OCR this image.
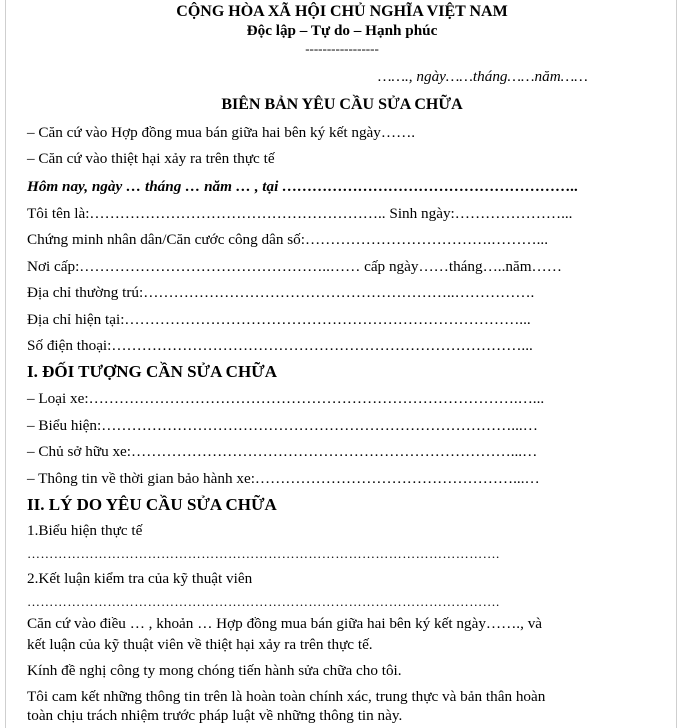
CỘNG HÒA XÃ HỘI CHỦ NGHĨA VIỆT NAM
Độc lập – Tự do – Hạnh phúc
-----------------
……., ngày……tháng……năm……
BIÊN BẢN YÊU CẦU SỬA CHỮA
– Căn cứ vào Hợp đồng mua bán giữa hai bên ký kết ngày…….
– Căn cứ vào thiệt hại xảy ra trên thực tế
Hôm nay, ngày … tháng … năm … , tại …………………………………………………..
Tôi tên là:………………………………………………….. Sinh ngày:…………………...
Chứng minh nhân dân/Căn cước công dân số:……………………………….………...
Nơi cấp:…………………………………………..…… cấp ngày……tháng…..năm……
Địa chỉ thường trú:……………………………………………………..…………….
Địa chỉ hiện tại:……………………………………………………………………...
Số điện thoại:………………………………………………………………………...
I. ĐỐI TƯỢNG CẦN SỬA CHỮA
– Loại xe:………………………………………………………………………….…...
– Biểu hiện:………………………………………………………………………...…
– Chủ sở hữu xe:…………………………………………………………………...…
– Thông tin về thời gian bảo hành xe:……………………………………………...…
II. LÝ DO YÊU CẦU SỬA CHỮA
1.Biểu hiện thực tế
…………………………………………………………………………………………….
2.Kết luận kiểm tra của kỹ thuật viên
…………………………………………………………………………………………….
Căn cứ vào điều … , khoản … Hợp đồng mua bán giữa hai bên ký kết ngày……., và
kết luận của kỹ thuật viên về thiệt hại xảy ra trên thực tế.
Kính đề nghị công ty mong chóng tiến hành sửa chữa cho tôi.
Tôi cam kết những thông tin trên là hoàn toàn chính xác, trung thực và bản thân hoàn
toàn chịu trách nhiệm trước pháp luật về những thông tin này.
